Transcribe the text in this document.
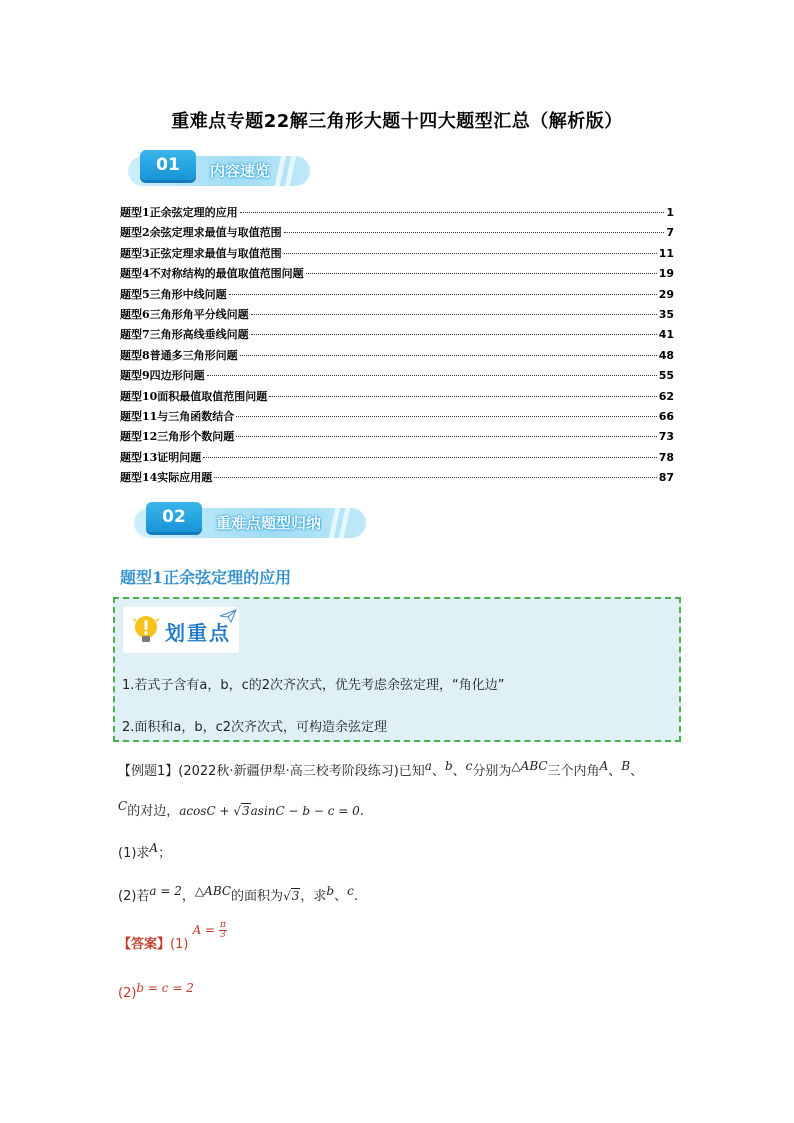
重难点专题22解三角形大题十四大题型汇总（解析版）
01	内容速览
题型1正余弦定理的应用	1
题型2余弦定理求最值与取值范围	7
题型3正弦定理求最值与取值范围	11
题型4不对称结构的最值取值范围问题	19
题型5三角形中线问题	29
题型6三角形角平分线问题	35
题型7三角形高线垂线问题	41
题型8普通多三角形问题	48
题型9四边形问题	55
题型10面积最值取值范围问题	62
题型11与三角函数结合	66
题型12三角形个数问题	73
题型13证明问题	78
题型14实际应用题	87
02	重难点题型归纳
题型1正余弦定理的应用
划重点
1.若式子含有a，b，c的2次齐次式，优先考虑余弦定理，“角化边”
2.面积和a，b，c2次齐次式，可构造余弦定理
【例题1】(2022秋·新疆伊犁·高三校考阶段练习)已知a、b、c分别为△ABC三个内角A、B、
C的对边，acosC + √3asinC − b − c = 0.
(1)求A；
(2)若a = 2，△ABC的面积为√3，求b、c.
【答案】(1) $A = \frac{\pi}{3}$
(2)b = c = 2
